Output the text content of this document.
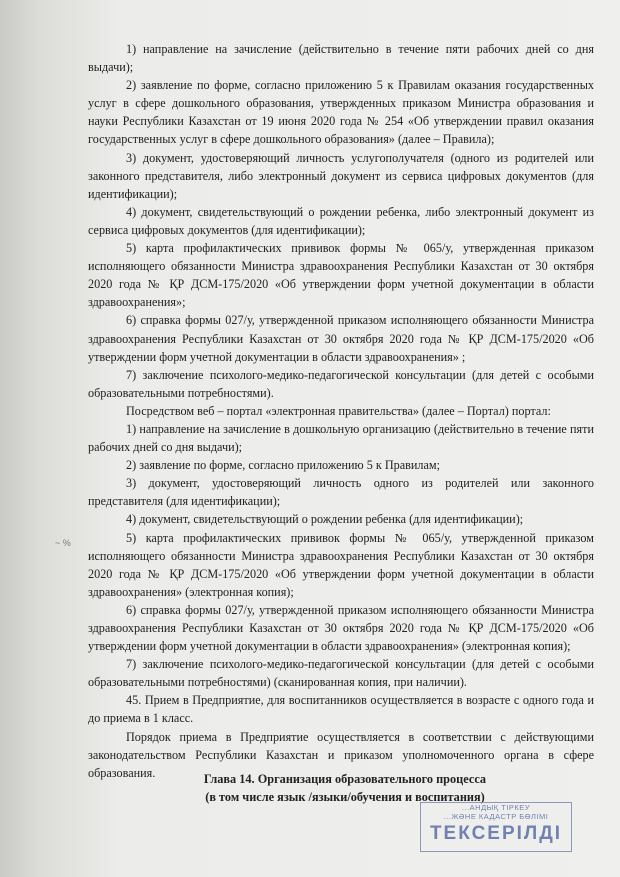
1) направление на зачисление (действительно в течение пяти рабочих дней со дня выдачи);

2) заявление по форме, согласно приложению 5 к Правилам оказания государственных услуг в сфере дошкольного образования, утвержденных приказом Министра образования и науки Республики Казахстан от 19 июня 2020 года № 254 «Об утверждении правил оказания государственных услуг в сфере дошкольного образования» (далее – Правила);

3) документ, удостоверяющий личность услугополучателя (одного из родителей или законного представителя, либо электронный документ из сервиса цифровых документов (для идентификации);

4) документ, свидетельствующий о рождении ребенка, либо электронный документ из сервиса цифровых документов (для идентификации);

5) карта профилактических прививок формы № 065/у, утвержденная приказом исполняющего обязанности Министра здравоохранения Республики Казахстан от 30 октября 2020 года № ҚР ДСМ-175/2020 «Об утверждении форм учетной документации в области здравоохранения»;

6) справка формы 027/у, утвержденной приказом исполняющего обязанности Министра здравоохранения Республики Казахстан от 30 октября 2020 года № ҚР ДСМ-175/2020 «Об утверждении форм учетной документации в области здравоохранения» ;

7) заключение психолого-медико-педагогической консультации (для детей с особыми образовательными потребностями).

Посредством веб – портал «электронная правительства» (далее – Портал) портал:

1) направление на зачисление в дошкольную организацию (действительно в течение пяти рабочих дней со дня выдачи);

2) заявление по форме, согласно приложению 5 к Правилам;

3) документ, удостоверяющий личность одного из родителей или законного представителя (для идентификации);

4) документ, свидетельствующий о рождении ребенка (для идентификации);

5) карта профилактических прививок формы № 065/у, утвержденной приказом исполняющего обязанности Министра здравоохранения Республики Казахстан от 30 октября 2020 года № ҚР ДСМ-175/2020 «Об утверждении форм учетной документации в области здравоохранения» (электронная копия);

6) справка формы 027/у, утвержденной приказом исполняющего обязанности Министра здравоохранения Республики Казахстан от 30 октября 2020 года № ҚР ДСМ-175/2020 «Об утверждении форм учетной документации в области здравоохранения» (электронная копия);

7) заключение психолого-медико-педагогической консультации (для детей с особыми образовательными потребностями) (сканированная копия, при наличии).

45. Прием в Предприятие, для воспитанников осуществляется в возрасте с одного года и до приема в 1 класс.

Порядок приема в Предприятие осуществляется в соответствии с действующими законодательством Республики Казахстан и приказом уполномоченного органа в сфере образования.	Глава 14. Организация образовательного процесса
(в том числе язык /языки/обучения и воспитания)
...АНДЫҚ ТІРКЕУ
...ЖӘНЕ КАДАСТР БӨЛІМІ
ТЕКСЕРІЛДІ
~ %
